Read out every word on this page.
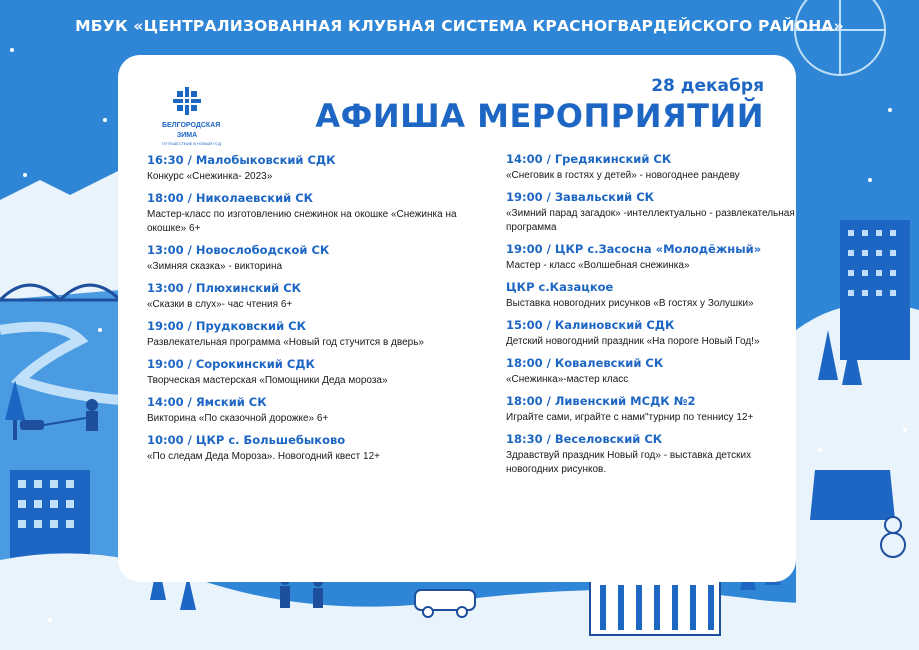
МБУК «ЦЕНТРАЛИЗОВАННАЯ КЛУБНАЯ СИСТЕМА КРАСНОГВАРДЕЙСКОГО РАЙОНА»
БЕЛГОРОДСКАЯ
ЗИМА
ПУТЕШЕСТВИЕ В НОВЫЙ ГОД
28 декабря
АФИША МЕРОПРИЯТИЙ
16:30 / Малобыковский СДК
Конкурс «Снежинка- 2023»
18:00 / Николаевский СК
Мастер-класс по изготовлению снежинок на окошке «Снежинка на окошке» 6+
13:00 / Новослободской СК
«Зимняя сказка» - викторина
13:00 / Плюхинский СК
«Сказки в слух»- час чтения 6+
19:00 / Прудковский СК
Развлекательная программа «Новый год стучится в дверь»
19:00 / Сорокинский СДК
Творческая мастерская «Помощники Деда мороза»
14:00 / Ямский СК
Викторина «По сказочной дорожке» 6+
10:00 / ЦКР с. Большебыково
«По следам Деда Мороза». Новогодний квест 12+
14:00 / Гредякинский СК
«Снеговик в гостях у детей» - новогоднее рандеву
19:00 / Завальский СК
«Зимний парад загадок» -интеллектуально - развлекательная программа
19:00 / ЦКР с.Засосна «Молодёжный»
Мастер - класс «Волшебная снежинка»
ЦКР с.Казацкое
Выставка новогодних рисунков «В гостях у Золушки»
15:00 / Калиновский СДК
Детский новогодний праздник «На пороге Новый Год!»
18:00 / Ковалевский СК
«Снежинка»-мастер класс
18:00 / Ливенский МСДК №2
Играйте сами, играйте с нами"турнир по теннису 12+
18:30 / Веселовский СК
Здравствуй праздник Новый год» - выставка детских новогодних рисунков.
